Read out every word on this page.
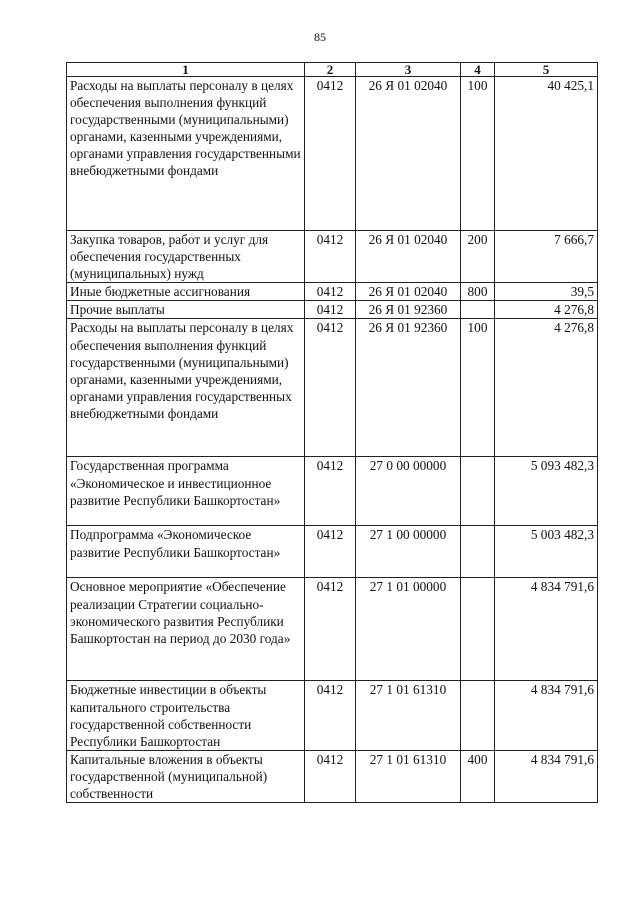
85
1	2	3	4	5
Расходы на выплаты персоналу в целях обеспечения выполнения функций государственными (муниципальными) органами, казенными учреждениями, органами управления государственными внебюджетными фондами	0412	26 Я 01 02040	100	40 425,1
Закупка товаров, работ и услуг для обеспечения государственных (муниципальных) нужд	0412	26 Я 01 02040	200	7 666,7
Иные бюджетные ассигнования	0412	26 Я 01 02040	800	39,5
Прочие выплаты	0412	26 Я 01 92360		4 276,8
Расходы на выплаты персоналу в целях обеспечения выполнения функций государственными (муниципальными) органами, казенными учреждениями, органами управления государственных внебюджетными фондами	0412	26 Я 01 92360	100	4 276,8
Государственная программа «Экономическое и инвестиционное развитие Республики Башкортостан»	0412	27 0 00 00000		5 093 482,3
Подпрограмма «Экономическое развитие Республики Башкортостан»	0412	27 1 00 00000		5 003 482,3
Основное мероприятие «Обеспечение реализации Стратегии социально-экономического развития Республики Башкортостан на период до 2030 года»	0412	27 1 01 00000		4 834 791,6
Бюджетные инвестиции в объекты капитального строительства государственной собственности Республики Башкортостан	0412	27 1 01 61310		4 834 791,6
Капитальные вложения в объекты государственной (муниципальной) собственности	0412	27 1 01 61310	400	4 834 791,6
